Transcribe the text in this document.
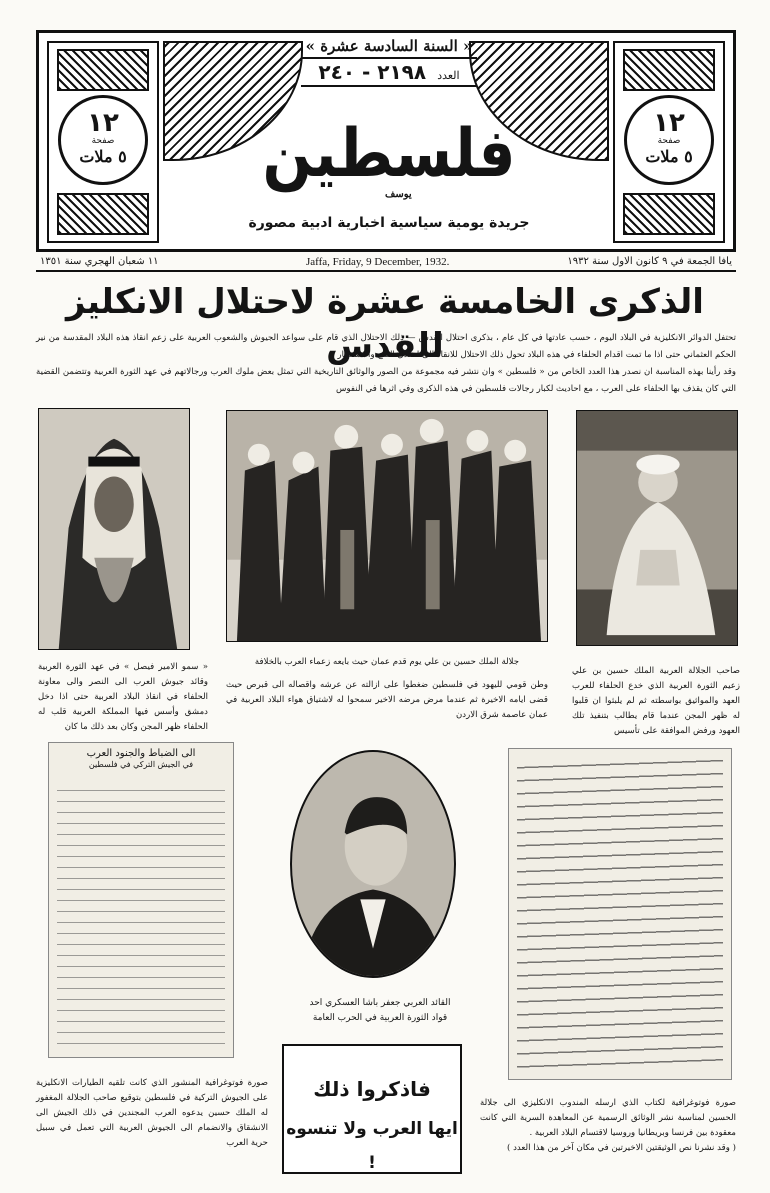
١٢
صفحة
٥ ملات
١٢
صفحة
٥ ملات
« السنة السادسة عشرة »
العدد ٢١٩٨ - ٢٤٠
فلسطين
يوسف
جريدة يومية سياسية اخبارية ادبية مصورة
يافا الجمعة في ٩ كانون الاول سنة ١٩٣٢
Jaffa, Friday, 9 December, 1932.
١١ شعبان الهجري سنة ١٣٥١
الذكرى الخامسة عشرة لاحتلال الانكليز للقدس

تحتفل الدوائر الانكليزية في البلاد اليوم ، حسب عادتها في كل عام ، بذكرى احتلال القدس — ذلك الاحتلال الذي قام على سواعد الجيوش والشعوب العربية على زعم انقاذ هذه البلاد المقدسة من نير الحكم العثماني حتى اذا ما تمت اقدام الحلفاء في هذه البلاد تحول ذلك الاحتلال للانقاذ الى احتلال الفتح والاستعمار

وقد رأينا بهذه المناسبة ان نصدر هذا العدد الخاص من « فلسطين » وان نتشر فيه مجموعة من الصور والوثائق التاريخية التي تمثل بعض ملوك العرب ورجالاتهم في عهد الثورة العربية وتتضمن القضية التي كان يقذف بها الحلفاء على العرب ، مع احاديث لكبار رجالات فلسطين في هذه الذكرى وفي اثرها في النفوس

« سمو الامير فيصل » في عهد الثورة العربية وقائد جيوش العرب الى النصر والى معاونة الحلفاء في انقاذ البلاد العربية حتى اذا دخل دمشق وأسس فيها المملكة العربية قلب له الحلفاء ظهر المجن وكان بعد ذلك ما كان
جلالة الملك حسين بن علي يوم قدم عمان حيث بايعه زعماء العرب بالخلافة
وطن قومي لليهود في فلسطين ضغطوا على ازالته عن عرشه واقصاله الى قبرص حيث قضى ايامه الاخيرة ثم عندما مرض مرضه الاخير سمحوا له لاشتياق هواء البلاد العربية في عمان عاصمة شرق الاردن
صاحب الجلالة العربية الملك حسين بن علي زعيم الثورة العربية الذي خدع الحلفاء للعرب العهد والمواثيق بواسطته ثم لم يلبثوا ان قلبوا له ظهر المجن عندما قام يطالب بتنفيذ تلك العهود ورفض الموافقة على تأسيس
الى الضباط والجنود العرب
في الجيش التركي في فلسطين
القائد العربي جعفر باشا العسكري احد
قواد الثورة العربية في الحرب العامة
فاذكروا ذلك
ايها العرب ولا تنسوه !
صورة فوتوغرافية المنشور الذي كانت تلقيه الطيارات الانكليزية على الجيوش التركية في فلسطين بتوقيع صاحب الجلالة المغفور له الملك حسين يدعوه العرب المجندين في ذلك الجيش الى الانشقاق والانضمام الى الجيوش العربية التي تعمل في سبيل حرية العرب
صورة فوتوغرافية لكتاب الذي ارسله المندوب الانكليزي الى جلالة الحسين لمناسبة نشر الوثائق الرسمية عن المعاهدة السرية التي كانت معقودة بين فرنسا وبريطانيا وروسيا لاقتسام البلاد العربية .
( وقد نشرنا نص الوثيقتين الاخيرتين في مكان آخر من هذا العدد )
